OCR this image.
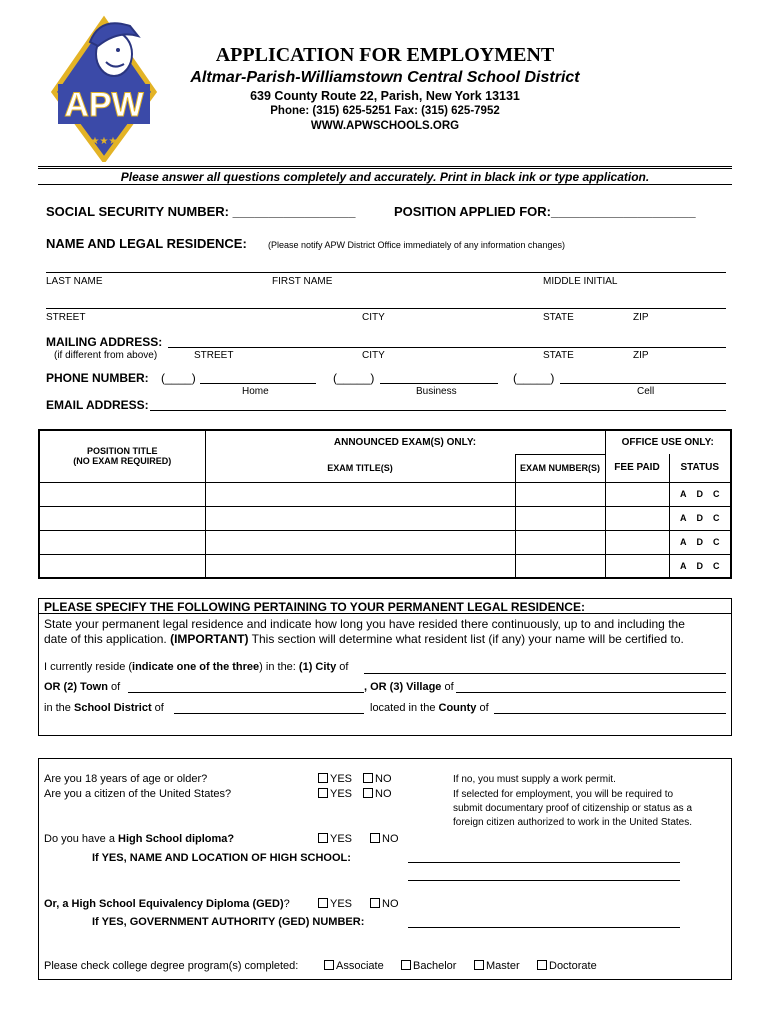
APW
★★★
APPLICATION FOR EMPLOYMENT
Altmar-Parish-Williamstown Central School District
639 County Route 22, Parish, New York 13131
Phone: (315) 625-5251 Fax: (315) 625-7952
WWW.APWSCHOOLS.ORG
Please answer all questions completely and accurately. Print in black ink or type application.
SOCIAL SECURITY NUMBER: _________________	POSITION APPLIED FOR:____________________
NAME AND LEGAL RESIDENCE: (Please notify APW District Office immediately of any information changes)
LAST NAME	FIRST NAME	MIDDLE INITIAL
STREET	CITY	STATE	ZIP
MAILING ADDRESS:
(if different from above)	STREET	CITY	STATE	ZIP
PHONE NUMBER: (____)	(_____)	(_____)
Home	Business	Cell
EMAIL ADDRESS:
POSITION TITLE
(NO EXAM REQUIRED)	ANNOUNCED EXAM(S) ONLY:		OFFICE USE ONLY:	
	EXAM TITLE(S)	EXAM NUMBER(S)	FEE PAID	STATUS
				A D C
				A D C
				A D C
				A D C
PLEASE SPECIFY THE FOLLOWING PERTAINING TO YOUR PERMANENT LEGAL RESIDENCE:
State your permanent legal residence and indicate how long you have resided there continuously, up to and including the
date of this application. (IMPORTANT) This section will determine what resident list (if any) your name will be certified to.
I currently reside (indicate one of the three) in the: (1) City of
OR (2) Town of	, OR (3) Village of
in the School District of	located in the County of
Are you 18 years of age or older?	YES	NO	If no, you must supply a work permit.
Are you a citizen of the United States?	YES	NO	If selected for employment, you will be required to
submit documentary proof of citizenship or status as a
foreign citizen authorized to work in the United States.
Do you have a High School diploma?	YES	NO
If YES, NAME AND LOCATION OF HIGH SCHOOL:
Or, a High School Equivalency Diploma (GED)?	YES	NO
If YES, GOVERNMENT AUTHORITY (GED) NUMBER:
Please check college degree program(s) completed:	Associate	Bachelor	Master	Doctorate
